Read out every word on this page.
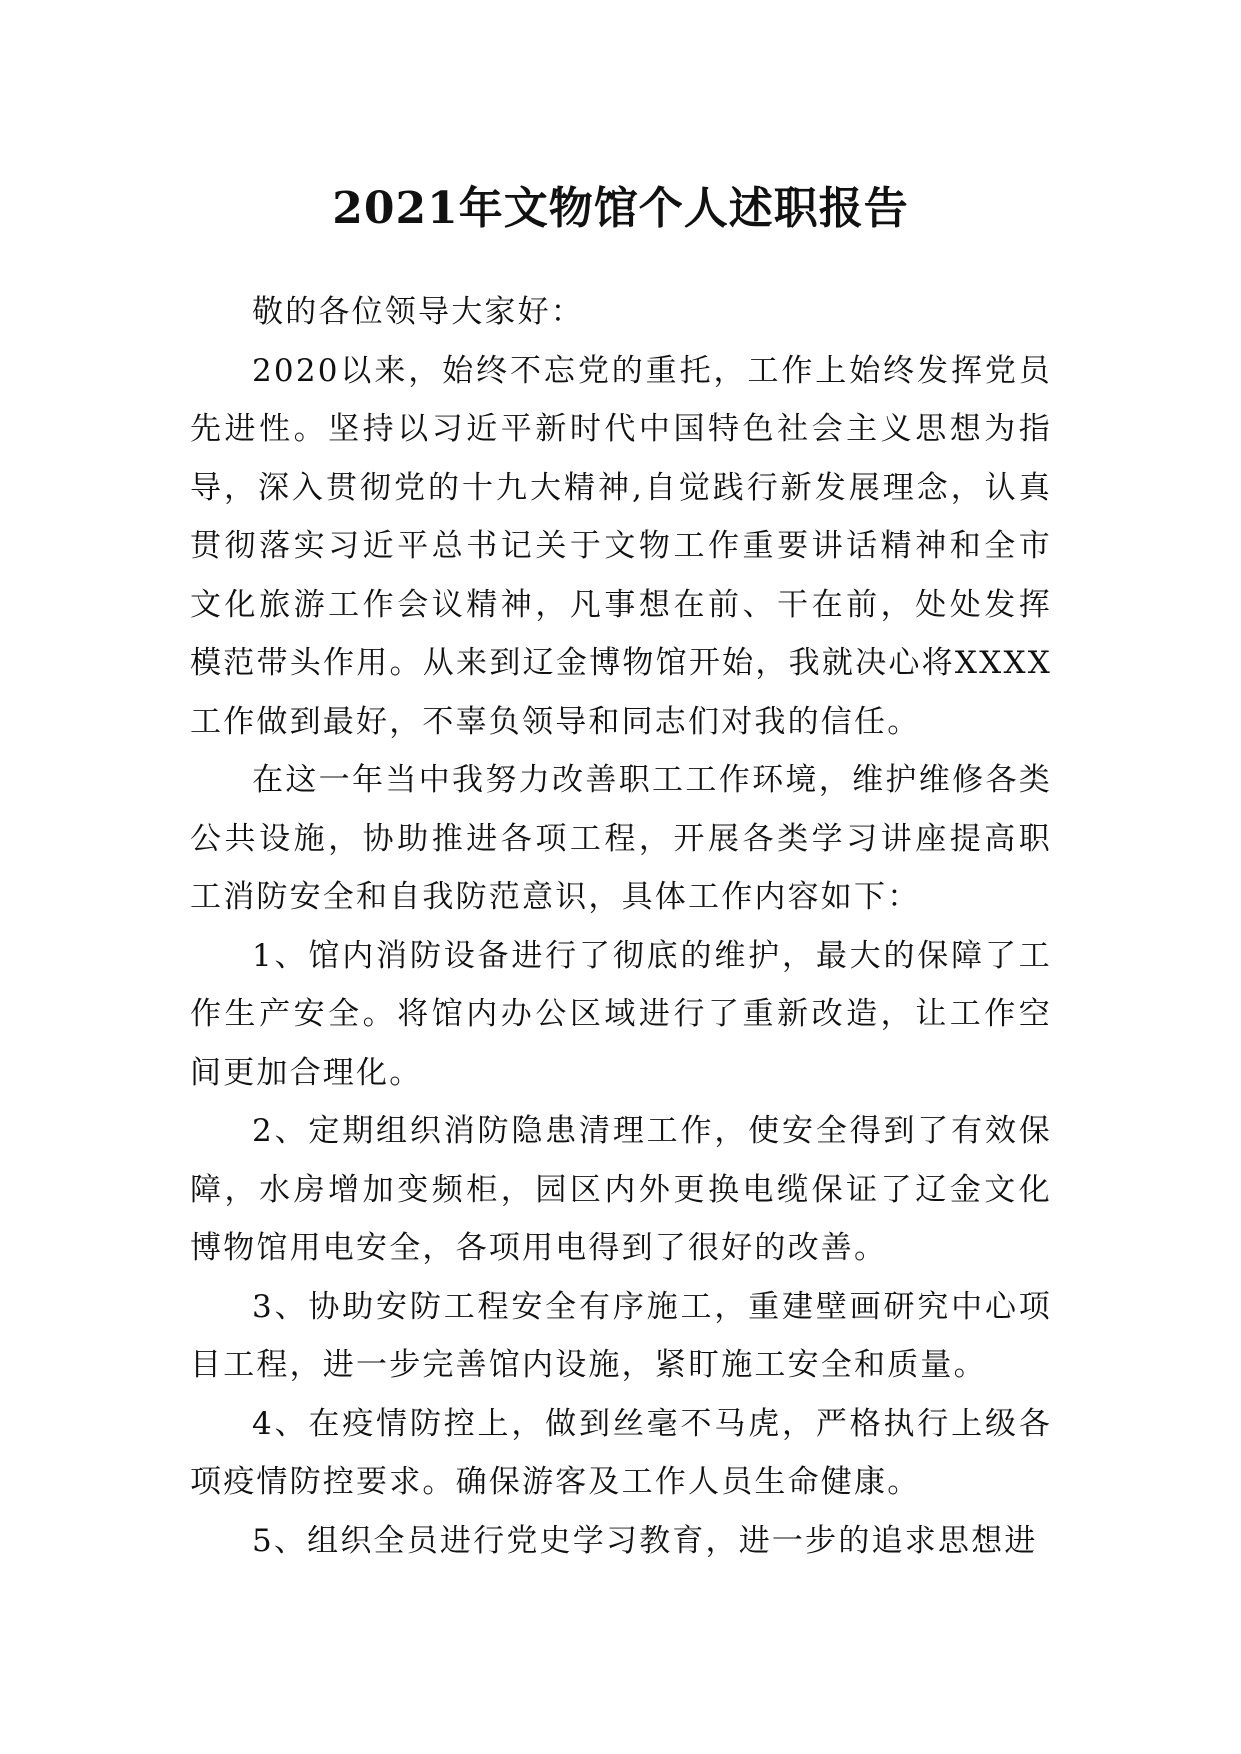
2021年文物馆个人述职报告

敬的各位领导大家好：

2020以来，始终不忘党的重托，工作上始终发挥党员先进性。坚持以习近平新时代中国特色社会主义思想为指导，深入贯彻党的十九大精神,自觉践行新发展理念，认真贯彻落实习近平总书记关于文物工作重要讲话精神和全市文化旅游工作会议精神，凡事想在前、干在前，处处发挥模范带头作用。从来到辽金博物馆开始，我就决心将XXXX工作做到最好，不辜负领导和同志们对我的信任。

在这一年当中我努力改善职工工作环境，维护维修各类公共设施，协助推进各项工程，开展各类学习讲座提高职工消防安全和自我防范意识，具体工作内容如下：

1、馆内消防设备进行了彻底的维护，最大的保障了工作生产安全。将馆内办公区域进行了重新改造，让工作空间更加合理化。

2、定期组织消防隐患清理工作，使安全得到了有效保障，水房增加变频柜，园区内外更换电缆保证了辽金文化博物馆用电安全，各项用电得到了很好的改善。

3、协助安防工程安全有序施工，重建壁画研究中心项目工程，进一步完善馆内设施，紧盯施工安全和质量。

4、在疫情防控上，做到丝毫不马虎，严格执行上级各项疫情防控要求。确保游客及工作人员生命健康。

5、组织全员进行党史学习教育，进一步的追求思想进
